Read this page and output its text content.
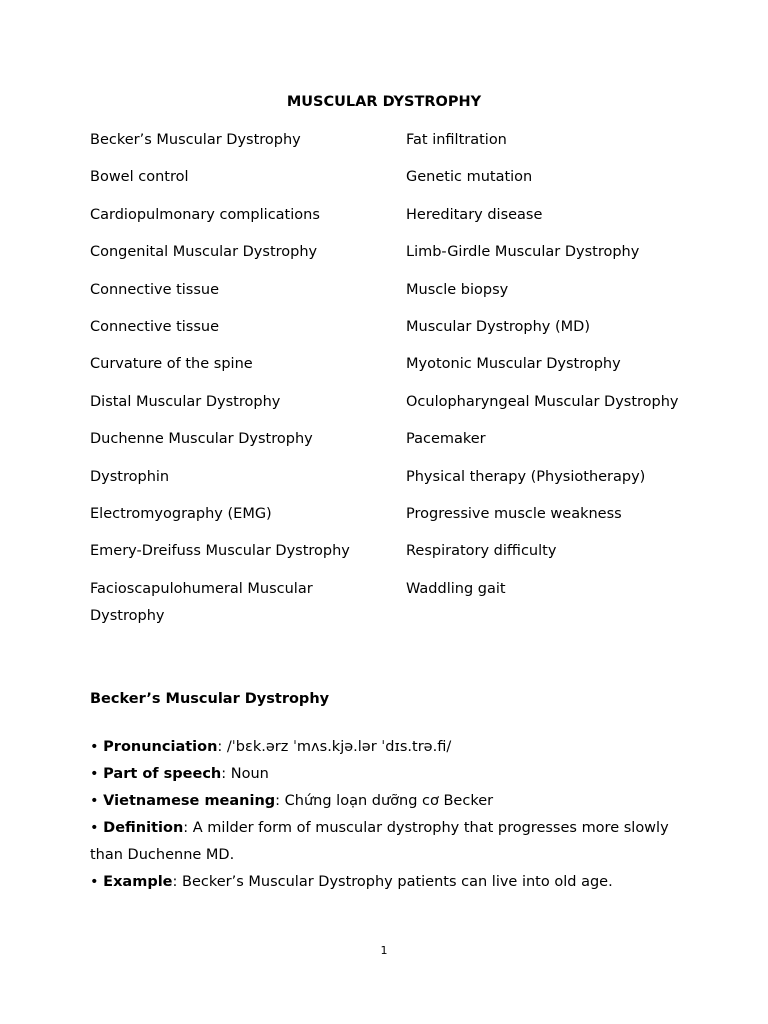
MUSCULAR DYSTROPHY
Becker’s Muscular Dystrophy
Bowel control
Cardiopulmonary complications
Congenital Muscular Dystrophy
Connective tissue
Connective tissue
Curvature of the spine
Distal Muscular Dystrophy
Duchenne Muscular Dystrophy
Dystrophin
Electromyography (EMG)
Emery-Dreifuss Muscular Dystrophy
Facioscapulohumeral Muscular Dystrophy
Fat infiltration
Genetic mutation
Hereditary disease
Limb-Girdle Muscular Dystrophy
Muscle biopsy
Muscular Dystrophy (MD)
Myotonic Muscular Dystrophy
Oculopharyngeal Muscular Dystrophy
Pacemaker
Physical therapy (Physiotherapy)
Progressive muscle weakness
Respiratory difficulty
Waddling gait
Becker’s Muscular Dystrophy
• Pronunciation: /ˈbɛk.ərz ˈmʌs.kjə.lər ˈdɪs.trə.fi/
• Part of speech: Noun
• Vietnamese meaning: Chứng loạn dưỡng cơ Becker
• Definition: A milder form of muscular dystrophy that progresses more slowly than Duchenne MD.
• Example: Becker’s Muscular Dystrophy patients can live into old age.
1
